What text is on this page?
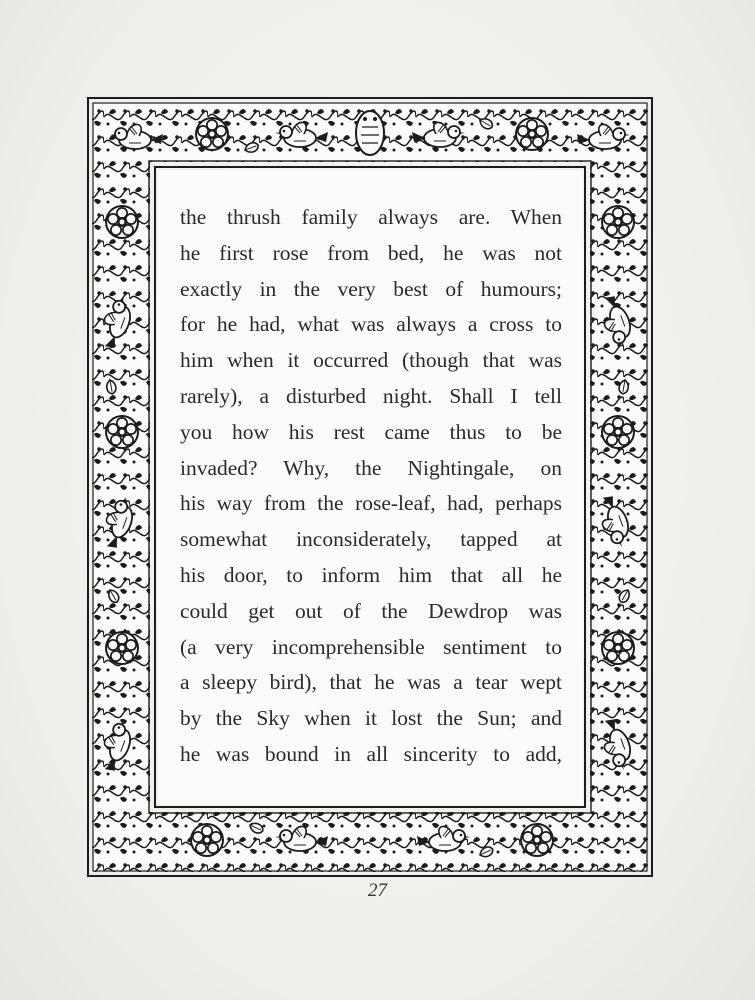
the thrush family always are. When
he first rose from bed, he was not
exactly in the very best of humours;
for he had, what was always a cross to
him when it occurred (though that was
rarely), a disturbed night. Shall I tell
you how his rest came thus to be
invaded? Why, the Nightingale, on
his way from the rose-leaf, had, perhaps
somewhat inconsiderately, tapped at
his door, to inform him that all he
could get out of the Dewdrop was
(a very incomprehensible sentiment to
a sleepy bird), that he was a tear wept
by the Sky when it lost the Sun; and
he was bound in all sincerity to add,
27
